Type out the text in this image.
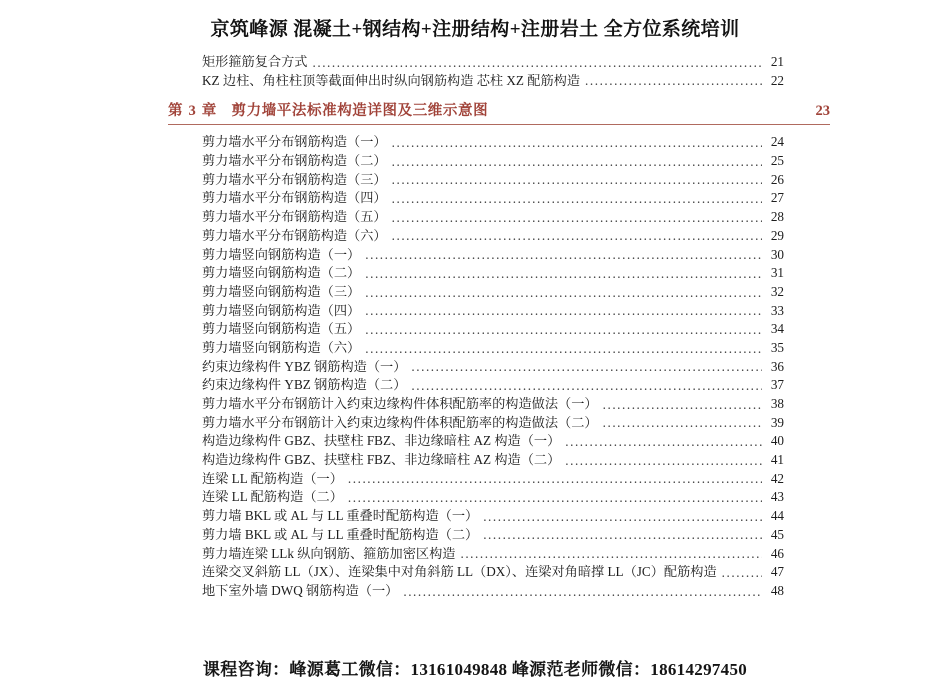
京筑峰源 混凝土+钢结构+注册结构+注册岩土 全方位系统培训
矩形箍筋复合方式 .....	21
KZ 边柱、角柱柱顶等截面伸出时纵向钢筋构造 芯柱 XZ 配筋构造 .....	22
第 3 章 剪力墙平法标准构造详图及三维示意图	23
剪力墙水平分布钢筋构造（一） .....	24
剪力墙水平分布钢筋构造（二） .....	25
剪力墙水平分布钢筋构造（三） .....	26
剪力墙水平分布钢筋构造（四） .....	27
剪力墙水平分布钢筋构造（五） .....	28
剪力墙水平分布钢筋构造（六） .....	29
剪力墙竖向钢筋构造（一） .....	30
剪力墙竖向钢筋构造（二） .....	31
剪力墙竖向钢筋构造（三） .....	32
剪力墙竖向钢筋构造（四） .....	33
剪力墙竖向钢筋构造（五） .....	34
剪力墙竖向钢筋构造（六） .....	35
约束边缘构件 YBZ 钢筋构造（一） .....	36
约束边缘构件 YBZ 钢筋构造（二） .....	37
剪力墙水平分布钢筋计入约束边缘构件体积配筋率的构造做法（一） .....	38
剪力墙水平分布钢筋计入约束边缘构件体积配筋率的构造做法（二） .....	39
构造边缘构件 GBZ、扶壁柱 FBZ、非边缘暗柱 AZ 构造（一） .....	40
构造边缘构件 GBZ、扶壁柱 FBZ、非边缘暗柱 AZ 构造（二） .....	41
连梁 LL 配筋构造（一） .....	42
连梁 LL 配筋构造（二） .....	43
剪力墙 BKL 或 AL 与 LL 重叠时配筋构造（一） .....	44
剪力墙 BKL 或 AL 与 LL 重叠时配筋构造（二） .....	45
剪力墙连梁 LLk 纵向钢筋、箍筋加密区构造 .....	46
连梁交叉斜筋 LL（JX）、连梁集中对角斜筋 LL（DX）、连梁对角暗撑 LL（JC）配筋构造 .....	47
地下室外墙 DWQ 钢筋构造（一） .....	48
课程咨询：峰源葛工微信：13161049848 峰源范老师微信：18614297450
